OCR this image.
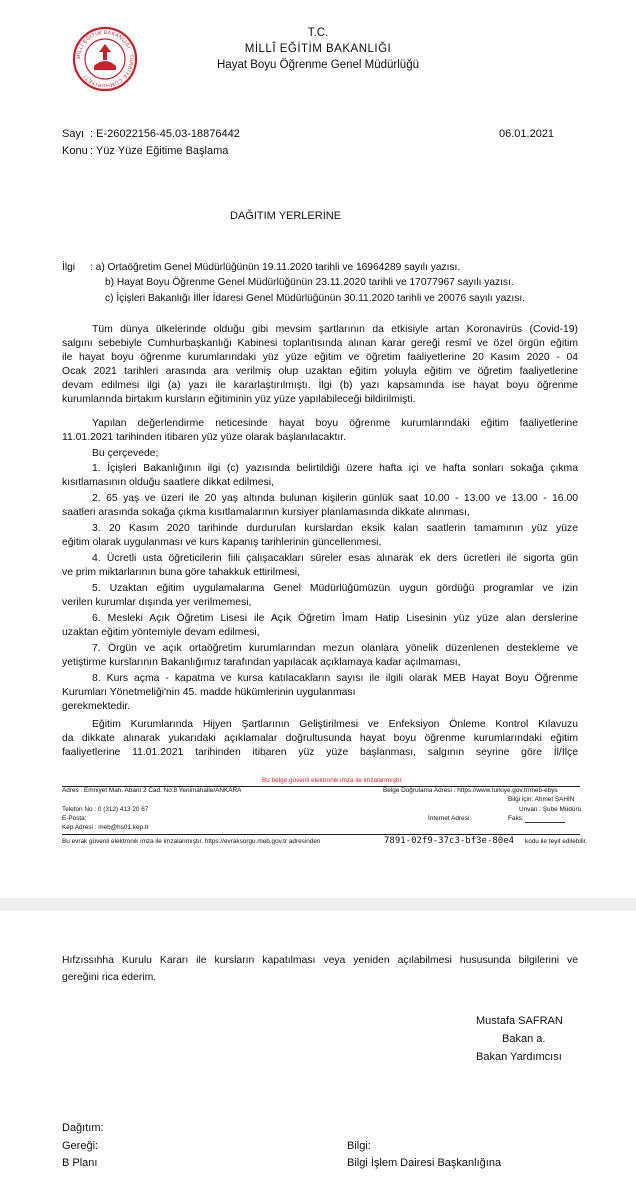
MİLLÎ EĞİTİM BAKANLIĞI · TÜRKİYE CUMHURİYETİ
T.C.
MİLLÎ EĞİTİM BAKANLIĞI
Hayat Boyu Öğrenme Genel Müdürlüğü
Sayı : E-26022156-45.03-18876442	06.01.2021
Konu : Yüz Yüze Eğitime Başlama
DAĞITIM YERLERİNE
İlgi : a) Ortaöğretim Genel Müdürlüğünün 19.11.2020 tarihli ve 16964289 sayılı yazısı.
b) Hayat Boyu Öğrenme Genel Müdürlüğünün 23.11.2020 tarihli ve 17077967 sayılı yazısı.
c) İçişleri Bakanlığı İller İdaresi Genel Müdürlüğünün 30.11.2020 tarihli ve 20076 sayılı yazısı.
Tüm dünya ülkelerinde olduğu gibi mevsim şartlarının da etkisiyle artan Koronavirüs (Covid-19)
salgını sebebiyle Cumhurbaşkanlığı Kabinesi toplantısında alınan karar gereği resmî ve özel örgün eğitim
ile hayat boyu öğrenme kurumlarındaki yüz yüze eğitim ve öğretim faaliyetlerine 20 Kasım 2020 - 04
Ocak 2021 tarihleri arasında ara verilmiş olup uzaktan eğitim yoluyla eğitim ve öğretim faaliyetlerine
devam edilmesi ilgi (a) yazı ile kararlaştırılmıştı. İlgi (b) yazı kapsamında ise hayat boyu öğrenme
kurumlarında birtakım kursların eğitiminin yüz yüze yapılabileceği bildirilmişti.
Yapılan değerlendirme neticesinde hayat boyu öğrenme kurumlarındaki eğitim faaliyetlerine
11.01.2021 tarihinden itibaren yüz yüze olarak başlanılacaktır.
Bu çerçevede;
1. İçişleri Bakanlığının ilgi (c) yazısında belirtildiği üzere hafta içi ve hafta sonları sokağa çıkma
kısıtlamasının olduğu saatlere dikkat edilmesi,
2. 65 yaş ve üzeri ile 20 yaş altında bulunan kişilerin günlük saat 10.00 - 13.00 ve 13.00 - 16.00
saatleri arasında sokağa çıkma kısıtlamalarının kursiyer planlamasında dikkate alınması,
3. 20 Kasım 2020 tarihinde durdurulan kurslardan eksik kalan saatlerin tamamının yüz yüze
eğitim olarak uygulanması ve kurs kapanış tarihlerinin güncellenmesi,
4. Ücretli usta öğreticilerin fiili çalışacakları süreler esas alınarak ek ders ücretleri ile sigorta gün
ve prim miktarlarının buna göre tahakkuk ettirilmesi,
5. Uzaktan eğitim uygulamalarına Genel Müdürlüğümüzün uygun gördüğü programlar ve izin
verilen kurumlar dışında yer verilmemesi,
6. Mesleki Açık Öğretim Lisesi ile Açık Öğretim İmam Hatip Lisesinin yüz yüze alan derslerine
uzaktan eğitim yöntemiyle devam edilmesi,
7. Örgün ve açık ortaöğretim kurumlarından mezun olanlara yönelik düzenlenen destekleme ve
yetiştirme kurslarının Bakanlığımız tarafından yapılacak açıklamaya kadar açılmaması,
8. Kurs açma - kapatma ve kursa katılacakların sayısı ile ilgili olarak MEB Hayat Boyu Öğrenme
Kurumları Yönetmeliği'nin 45. madde hükümlerinin uygulanması
gerekmektedir.
Eğitim Kurumlarında Hijyen Şartlarının Geliştirilmesi ve Enfeksiyon Önleme Kontrol Kılavuzu
da dikkate alınarak yukarıdaki açıklamalar doğrultusunda hayat boyu öğrenme kurumlarındaki eğitim
faaliyetlerine 11.01.2021 tarihinden itibaren yüz yüze başlanması, salgının seyrine göre İl/İlçe
Bu belge güvenli elektronik imza ile imzalanmıştır.
Adres : Emniyet Mah. Abant 2 Cad. No:8 Yenimahalle/ANKARA	Belge Doğrulama Adresi : https://www.turkiye.gov.tr/meb-ebys
Bilgi için: Ahmet ŞAHİN
Telefon No : 0 (312) 413 20 67	Unvan : Şube Müdürü
E-Posta:	İnternet Adresi:	Faks:
Kep Adresi : meb@hs01.kep.tr
Bu evrak güvenli elektronik imza ile imzalanmıştır. https://evraksorgu.meb.gov.tr adresinden	7891-02f9-37c3-bf3e-80e4 kodu ile teyit edilebilir.
Hıfzıssıhha Kurulu Kararı ile kursların kapatılması veya yeniden açılabilmesi hususunda bilgilerini ve
gereğini rica ederim.
Mustafa SAFRAN
Bakan a.
Bakan Yardımcısı
Dağıtım:
Gereği:
B Planı
Bilgi:
Bilgi İşlem Dairesi Başkanlığına
